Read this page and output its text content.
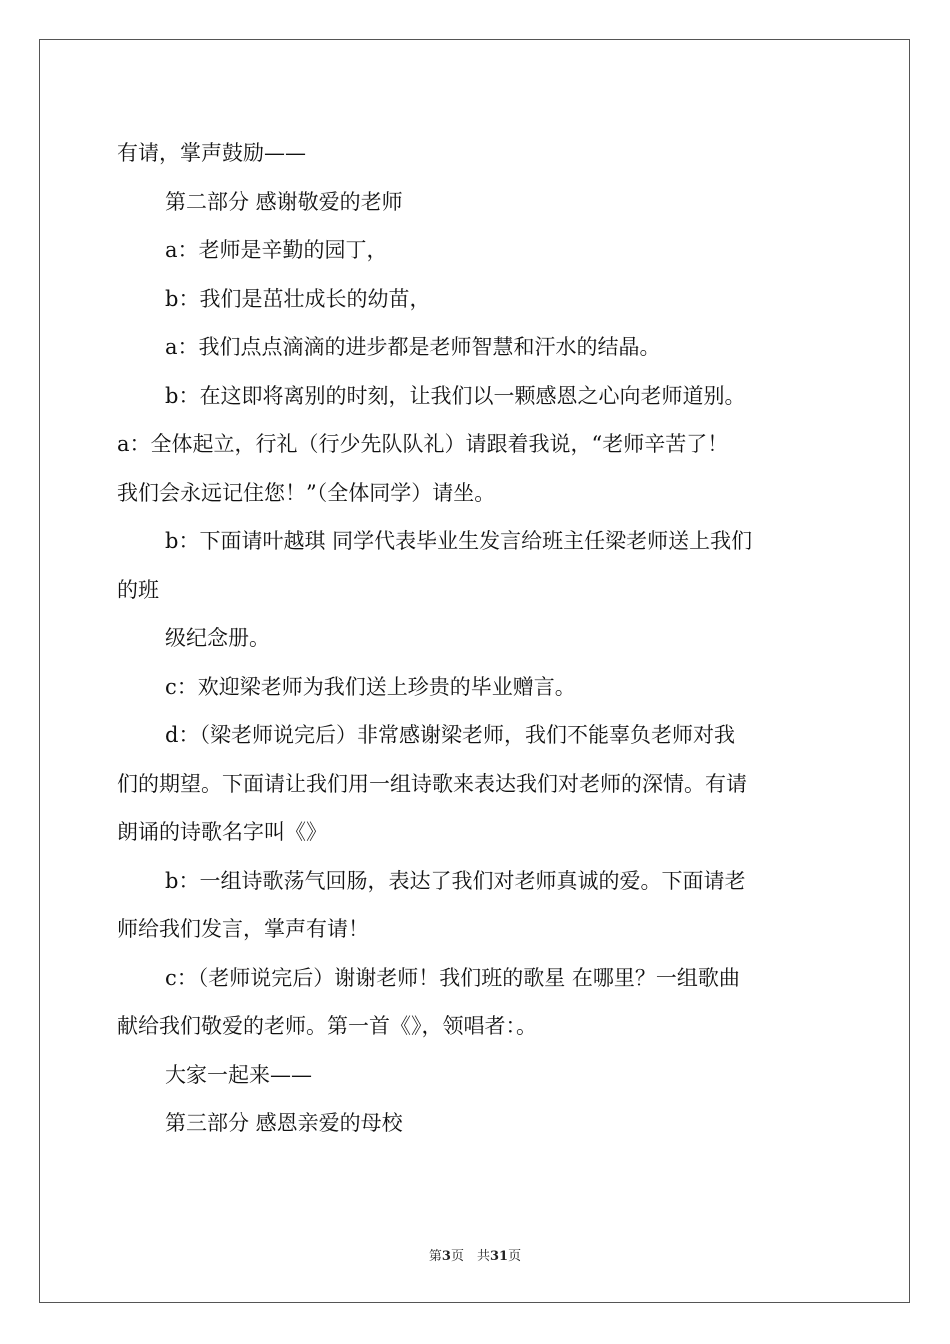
有请，掌声鼓励——

第二部分 感谢敬爱的老师

a：老师是辛勤的园丁，

b：我们是茁壮成长的幼苗，

a：我们点点滴滴的进步都是老师智慧和汗水的结晶。

b：在这即将离别的时刻，让我们以一颗感恩之心向老师道别。

a：全体起立，行礼（行少先队队礼）请跟着我说，“老师辛苦了！

我们会永远记住您！”（全体同学）请坐。

b：下面请叶越琪 同学代表毕业生发言给班主任梁老师送上我们

的班

级纪念册。

c：欢迎梁老师为我们送上珍贵的毕业赠言。

d：（梁老师说完后）非常感谢梁老师，我们不能辜负老师对我

们的期望。下面请让我们用一组诗歌来表达我们对老师的深情。有请

朗诵的诗歌名字叫《》

b：一组诗歌荡气回肠，表达了我们对老师真诚的爱。下面请老

师给我们发言，掌声有请！

c：（老师说完后）谢谢老师！我们班的歌星 在哪里？一组歌曲

献给我们敬爱的老师。第一首《》，领唱者：。

大家一起来——

第三部分 感恩亲爱的母校

第3页　共31页
